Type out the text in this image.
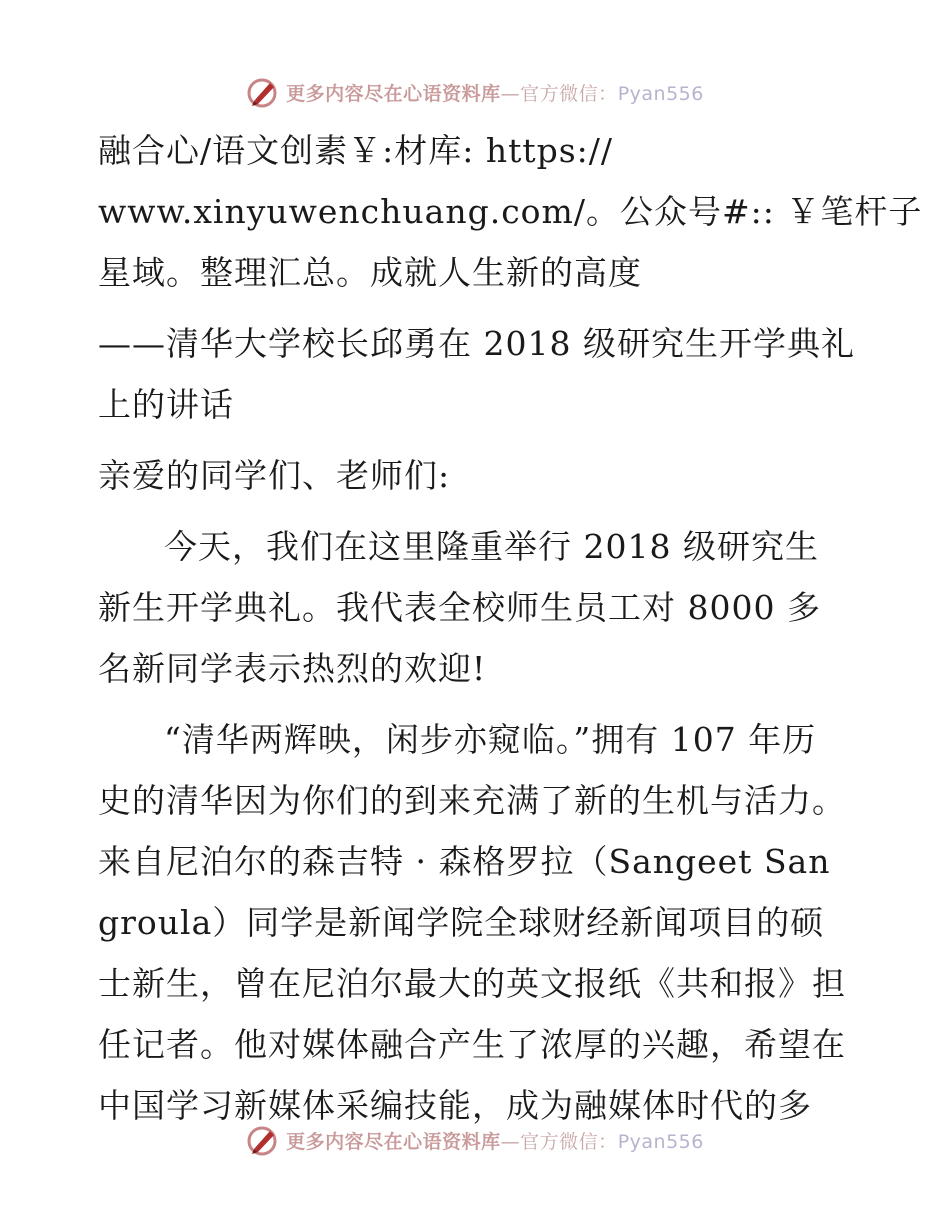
更多内容尽在心语资料库—官方微信：Pyan556

融合心/语文创素￥:材库: https://

www.xinyuwenchuang.com/。公众号#:: ￥笔杆子

星域。整理汇总。成就人生新的高度

——清华大学校长邱勇在 2018 级研究生开学典礼

上的讲话

亲爱的同学们、老师们:

今天，我们在这里隆重举行 2018 级研究生新生开学典礼。我代表全校师生员工对 8000 多名新同学表示热烈的欢迎!

“清华两辉映，闲步亦窥临。”拥有 107 年历史的清华因为你们的到来充满了新的生机与活力。来自尼泊尔的森吉特 · 森格罗拉（Sangeet Sangroula）同学是新闻学院全球财经新闻项目的硕士新生，曾在尼泊尔最大的英文报纸《共和报》担任记者。他对媒体融合产生了浓厚的兴趣，希望在中国学习新媒体采编技能，成为融媒体时代的多

更多内容尽在心语资料库—官方微信：Pyan556
